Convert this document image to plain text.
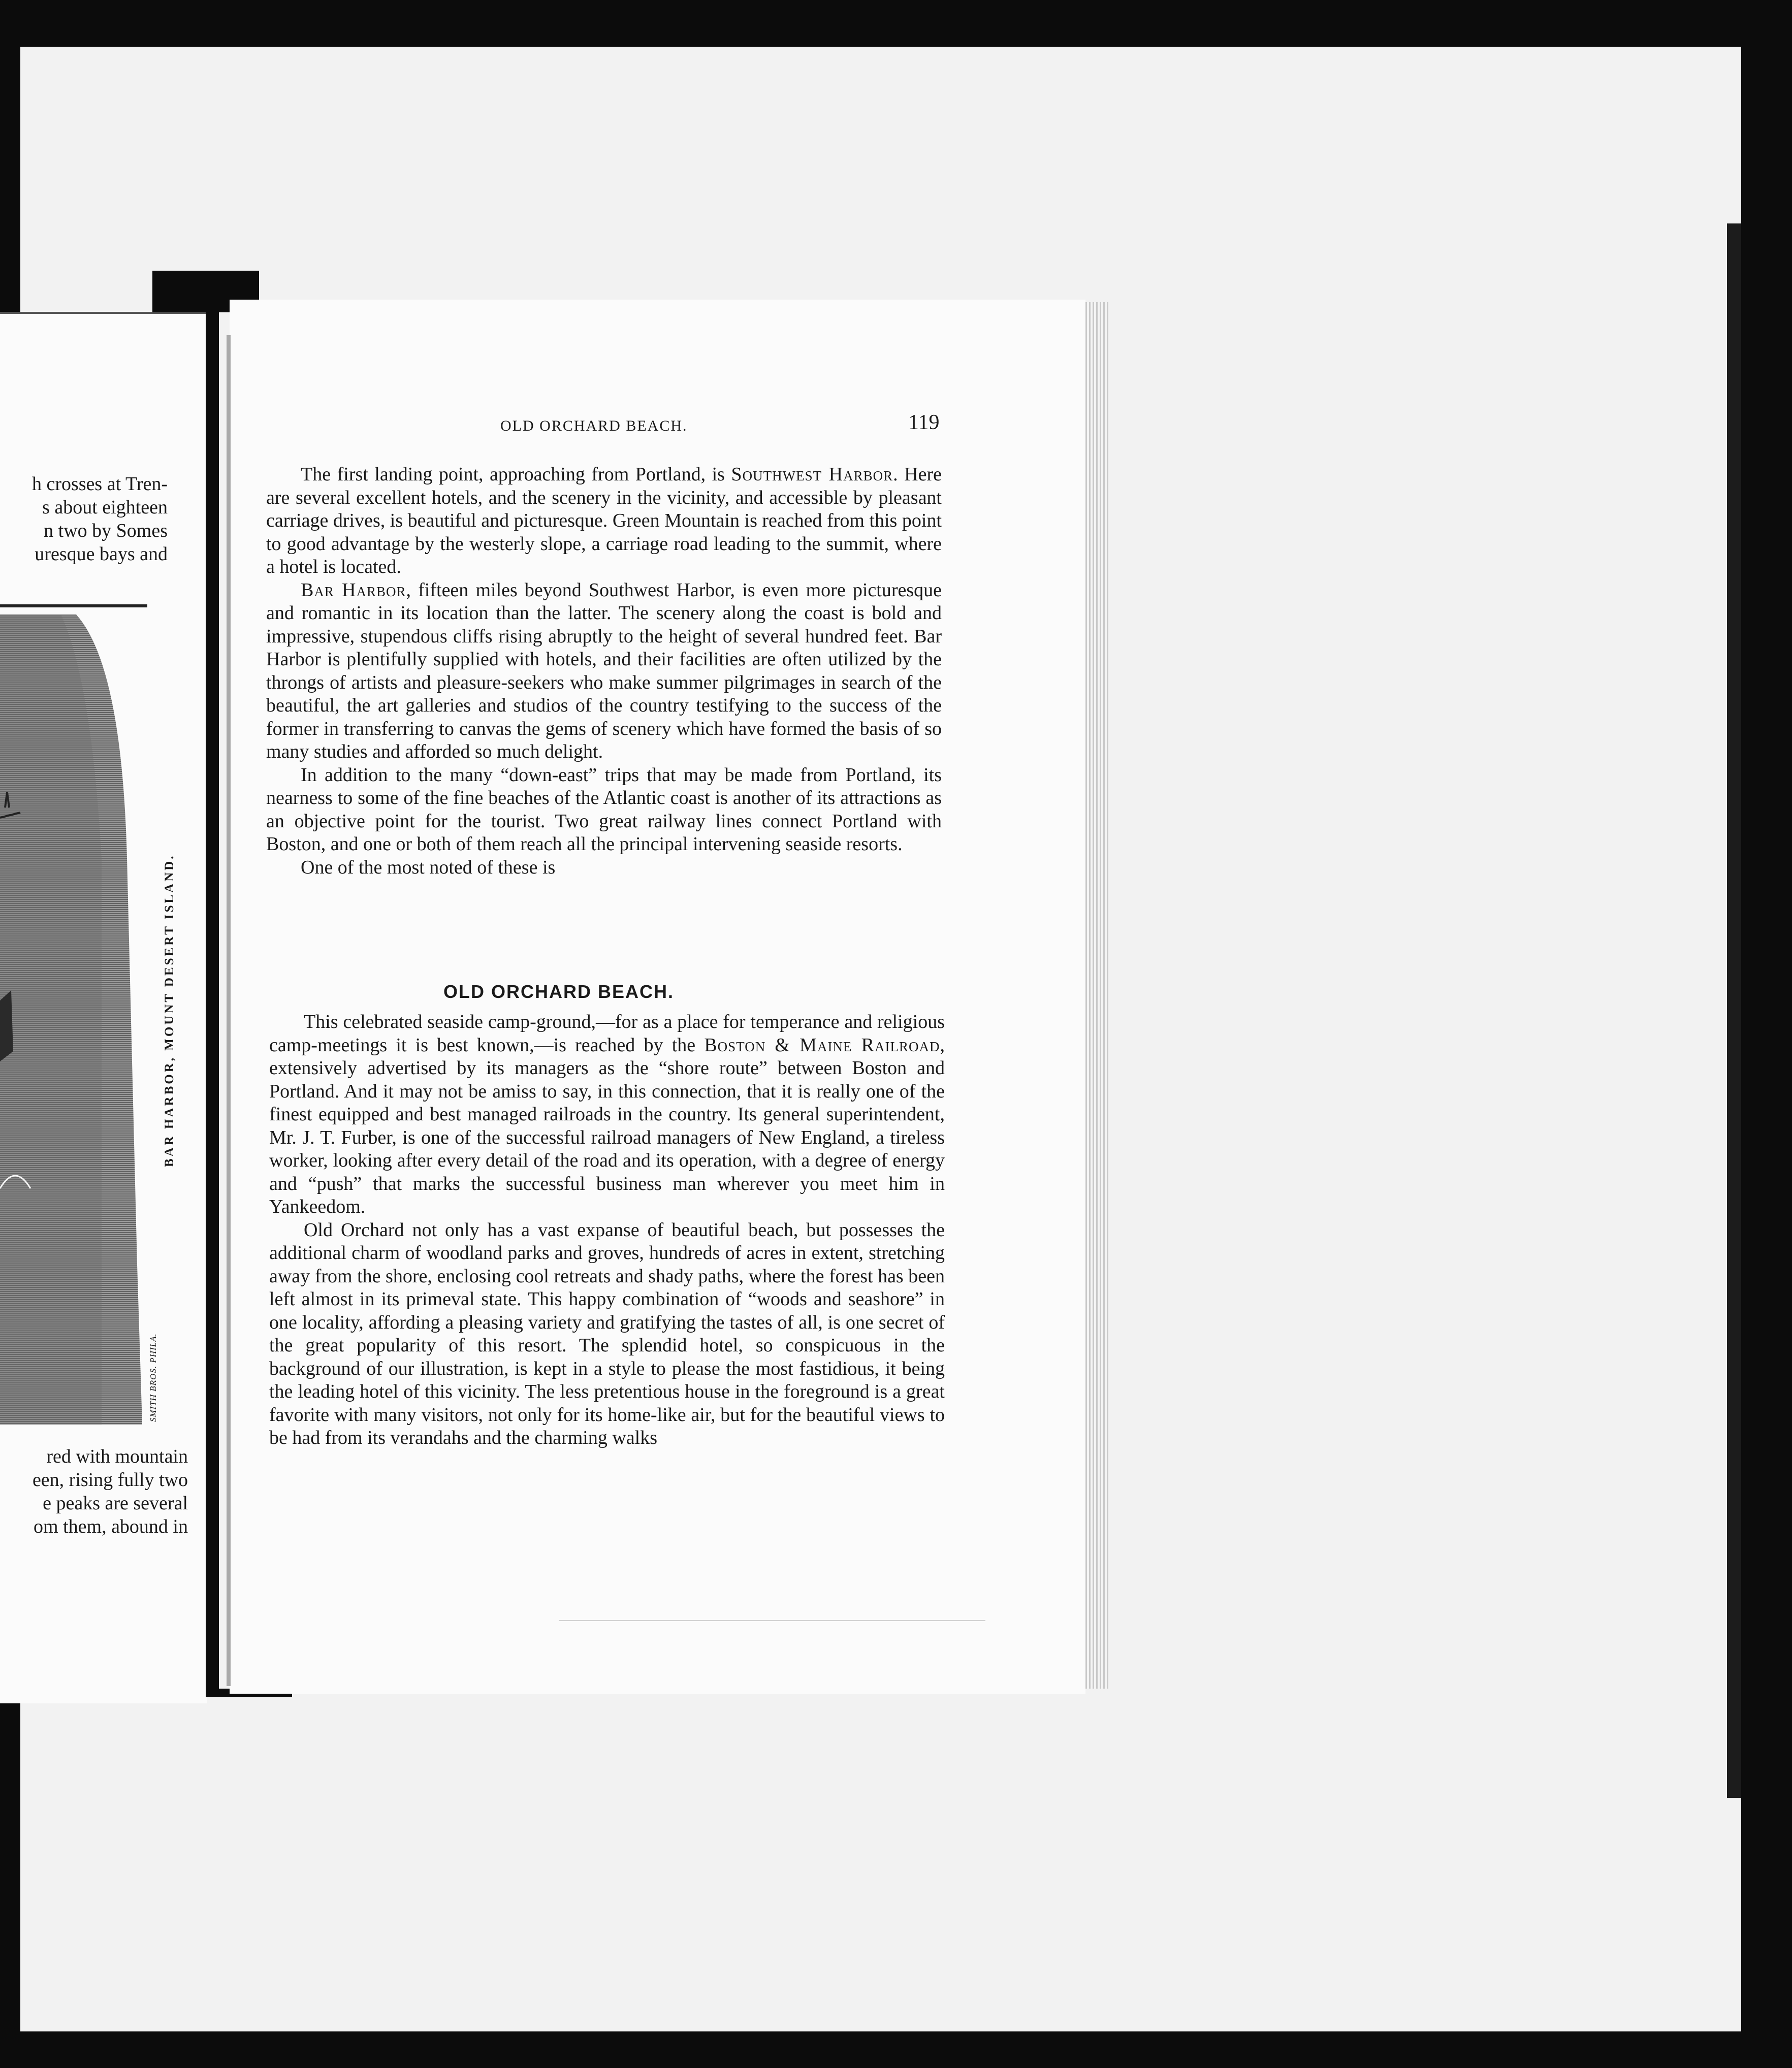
h crosses at Tren-
s about eighteen
n two by Somes
uresque bays and
BAR HARBOR, MOUNT DESERT ISLAND.
SMITH BROS. PHILA.
red with mountain
een, rising fully two
e peaks are several
om them, abound in
OLD ORCHARD BEACH.	119

The first landing point, approaching from Portland, is Southwest Harbor. Here are several excellent hotels, and the scenery in the vicinity, and accessible by pleasant carriage drives, is beautiful and picturesque. Green Mountain is reached from this point to good advantage by the westerly slope, a carriage road leading to the summit, where a hotel is located.

Bar Harbor, fifteen miles beyond Southwest Harbor, is even more picturesque and romantic in its location than the latter. The scenery along the coast is bold and impressive, stupendous cliffs rising abruptly to the height of several hundred feet. Bar Harbor is plentifully supplied with hotels, and their facilities are often utilized by the throngs of artists and pleasure-seekers who make summer pilgrimages in search of the beautiful, the art galleries and studios of the country testifying to the success of the former in transferring to canvas the gems of scenery which have formed the basis of so many studies and afforded so much delight.

In addition to the many “down-east” trips that may be made from Portland, its nearness to some of the fine beaches of the Atlantic coast is another of its attractions as an objective point for the tourist. Two great railway lines connect Portland with Boston, and one or both of them reach all the principal intervening seaside resorts.

One of the most noted of these is

OLD ORCHARD BEACH.

This celebrated seaside camp-ground,—for as a place for temperance and religious camp-meetings it is best known,—is reached by the Boston & Maine Railroad, extensively advertised by its managers as the “shore route” between Boston and Portland. And it may not be amiss to say, in this connection, that it is really one of the finest equipped and best managed railroads in the country. Its general superintendent, Mr. J. T. Furber, is one of the successful railroad managers of New England, a tireless worker, looking after every detail of the road and its operation, with a degree of energy and “push” that marks the successful business man wherever you meet him in Yankeedom.

Old Orchard not only has a vast expanse of beautiful beach, but possesses the additional charm of woodland parks and groves, hundreds of acres in extent, stretching away from the shore, enclosing cool retreats and shady paths, where the forest has been left almost in its primeval state. This happy combination of “woods and seashore” in one locality, affording a pleasing variety and gratifying the tastes of all, is one secret of the great popularity of this resort. The splendid hotel, so conspicuous in the background of our illustration, is kept in a style to please the most fastidious, it being the leading hotel of this vicinity. The less pretentious house in the foreground is a great favorite with many visitors, not only for its home-like air, but for the beautiful views to be had from its verandahs and the charming walks
